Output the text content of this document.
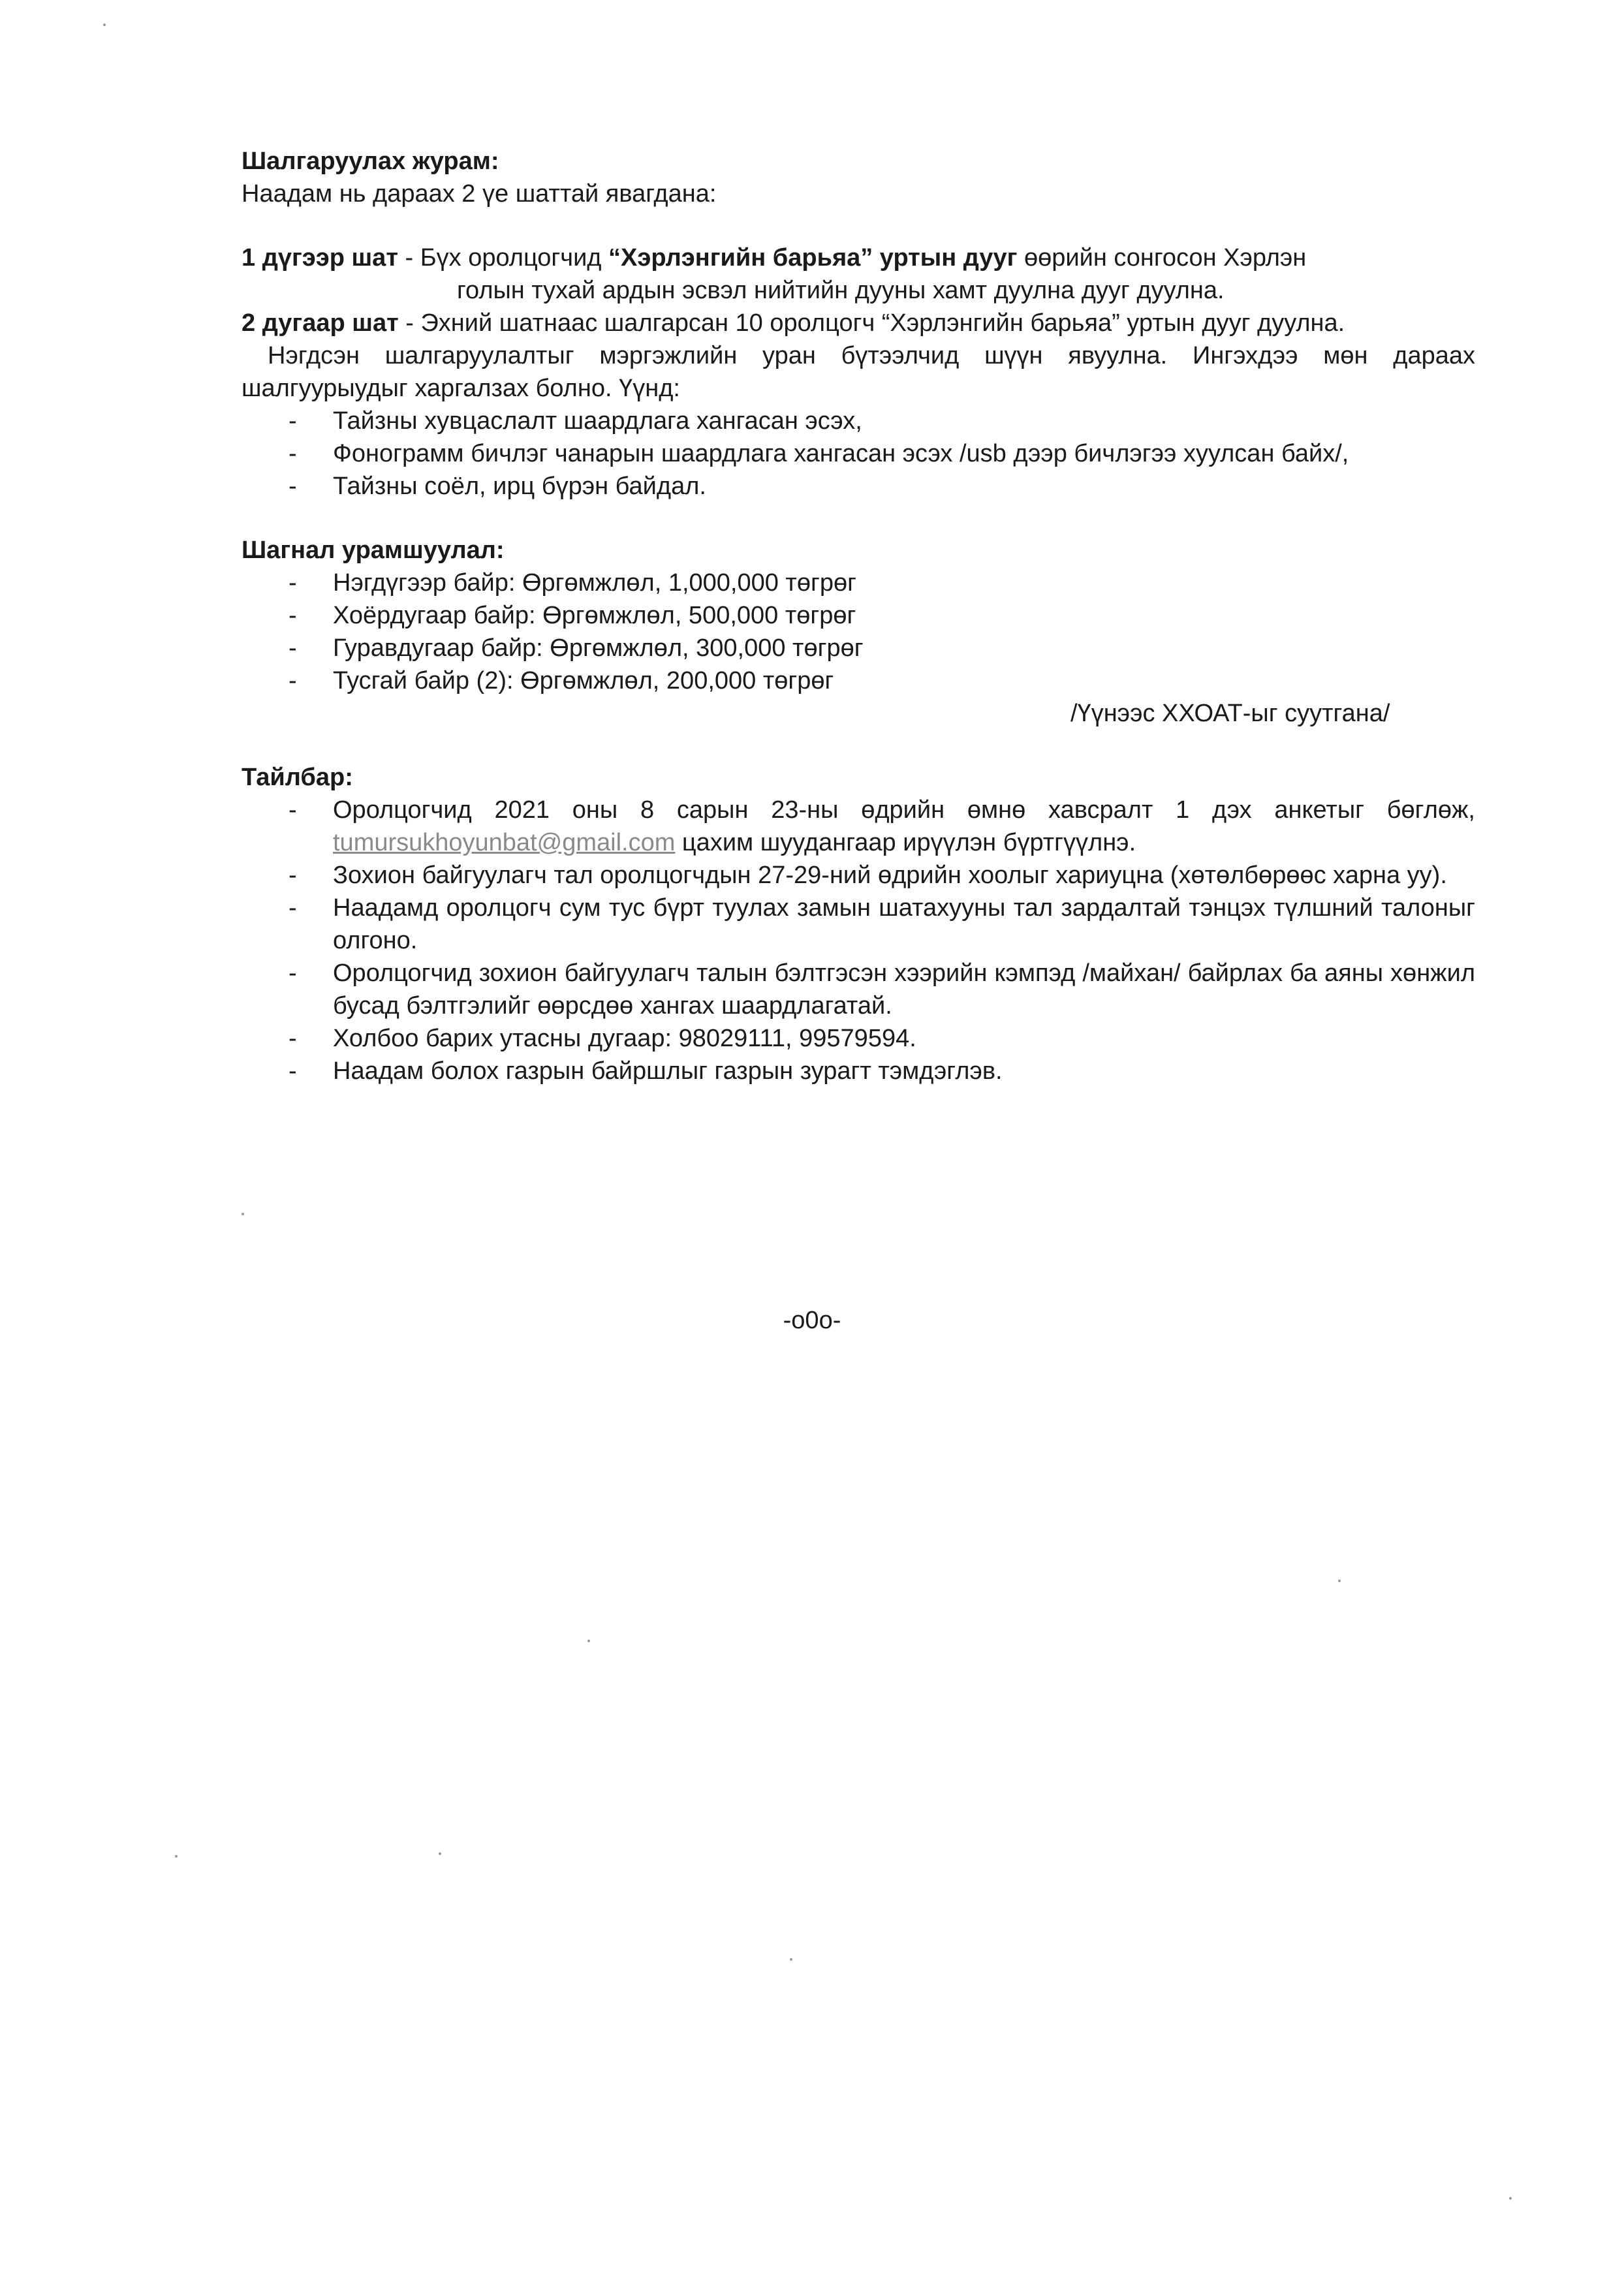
Шалгаруулах журам:

Наадам нь дараах 2 үе шаттай явагдана:

1 дүгээр шат - Бүх оролцогчид “Хэрлэнгийн барьяа” уртын дууг өөрийн сонгосон Хэрлэн
голын тухай ардын эсвэл нийтийн дууны хамт дуулна дууг дуулна.

2 дугаар шат - Эхний шатнаас шалгарсан 10 оролцогч “Хэрлэнгийн барьяа” уртын дууг дуулна.

Нэгдсэн шалгаруулалтыг мэргэжлийн уран бүтээлчид шүүн явуулна. Ингэхдээ мөн дараах шалгуурыудыг харгалзах болно. Үүнд:

- Тайзны хувцаслалт шаардлага хангасан эсэх,
- Фонограмм бичлэг чанарын шаардлага хангасан эсэх /usb дээр бичлэгээ хуулсан байх/,
- Тайзны соёл, ирц бүрэн байдал.

Шагнал урамшуулал:

- Нэгдүгээр байр: Өргөмжлөл, 1,000,000 төгрөг
- Хоёрдугаар байр: Өргөмжлөл, 500,000 төгрөг
- Гуравдугаар байр: Өргөмжлөл, 300,000 төгрөг
- Тусгай байр (2): Өргөмжлөл, 200,000 төгрөг

/Үүнээс ХХОАТ-ыг суутгана/

Тайлбар:

- Оролцогчид 2021 оны 8 сарын 23-ны өдрийн өмнө хавсралт 1 дэх анкетыг бөглөж, tumursukhoyunbat@gmail.com цахим шуудангаар ирүүлэн бүртгүүлнэ.
- Зохион байгуулагч тал оролцогчдын 27-29-ний өдрийн хоолыг хариуцна (хөтөлбөрөөс харна уу).
- Наадамд оролцогч сум тус бүрт туулах замын шатахууны тал зардалтай тэнцэх түлшний талоныг олгоно.
- Оролцогчид зохион байгуулагч талын бэлтгэсэн хээрийн кэмпэд /майхан/ байрлах ба аяны хөнжил бусад бэлтгэлийг өөрсдөө хангах шаардлагатай.
- Холбоо барих утасны дугаар: 98029111, 99579594.
- Наадам болох газрын байршлыг газрын зурагт тэмдэглэв.
-o0o-
